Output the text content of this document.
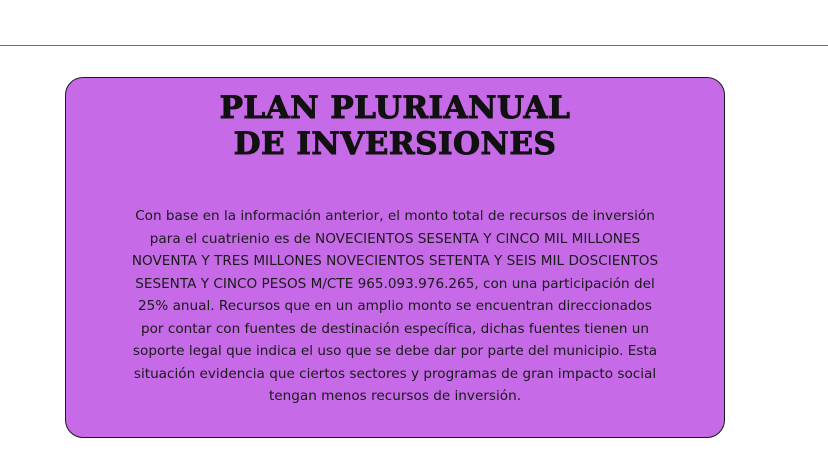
PLAN PLURIANUAL
DE INVERSIONES

Con base en la información anterior, el monto total de recursos de inversión
para el cuatrienio es de NOVECIENTOS SESENTA Y CINCO MIL MILLONES
NOVENTA Y TRES MILLONES NOVECIENTOS SETENTA Y SEIS MIL DOSCIENTOS
SESENTA Y CINCO PESOS M/CTE 965.093.976.265, con una participación del
25% anual. Recursos que en un amplio monto se encuentran direccionados
por contar con fuentes de destinación específica, dichas fuentes tienen un
soporte legal que indica el uso que se debe dar por parte del municipio. Esta
situación evidencia que ciertos sectores y programas de gran impacto social
tengan menos recursos de inversión.
